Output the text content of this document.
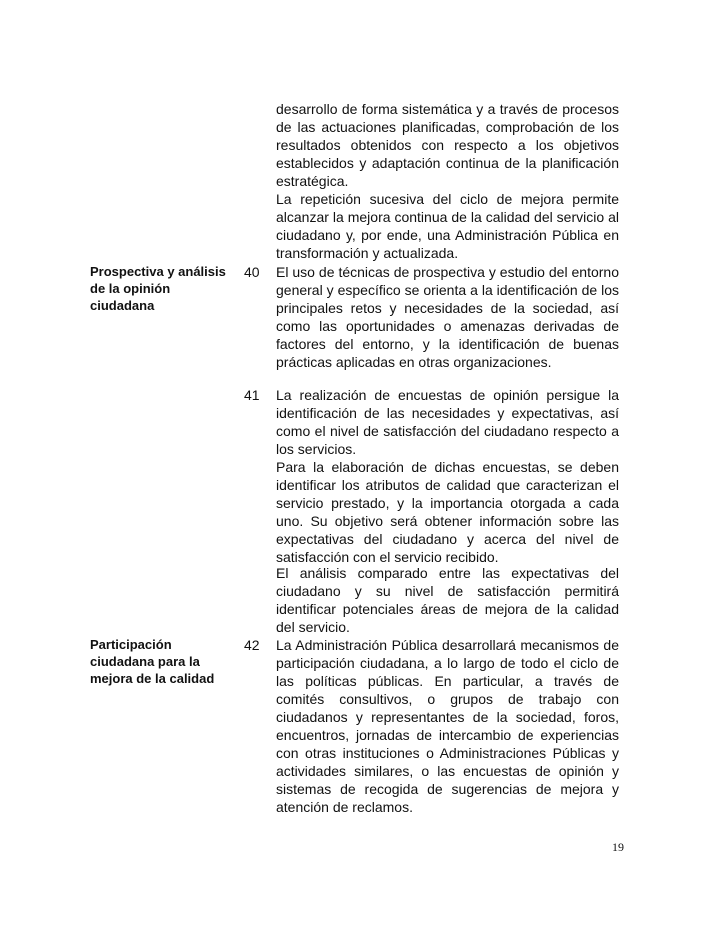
desarrollo de forma sistemática y a través de procesos de las actuaciones planificadas, comprobación de los resultados obtenidos con respecto a los objetivos establecidos y adaptación continua de la planificación estratégica.

La repetición sucesiva del ciclo de mejora permite alcanzar la mejora continua de la calidad del servicio al ciudadano y, por ende, una Administración Pública en transformación y actualizada.

Prospectiva y análisis de la opinión ciudadana
40	El uso de técnicas de prospectiva y estudio del entorno general y específico se orienta a la identificación de los principales retos y necesidades de la sociedad, así como las oportunidades o amenazas derivadas de factores del entorno, y la identificación de buenas prácticas aplicadas en otras organizaciones.

41	La realización de encuestas de opinión persigue la identificación de las necesidades y expectativas, así como el nivel de satisfacción del ciudadano respecto a los servicios.

Para la elaboración de dichas encuestas, se deben identificar los atributos de calidad que caracterizan el servicio prestado, y la importancia otorgada a cada uno. Su objetivo será obtener información sobre las expectativas del ciudadano y acerca del nivel de satisfacción con el servicio recibido.

El análisis comparado entre las expectativas del ciudadano y su nivel de satisfacción permitirá identificar potenciales áreas de mejora de la calidad del servicio.

Participación ciudadana para la mejora de la calidad
42	La Administración Pública desarrollará mecanismos de participación ciudadana, a lo largo de todo el ciclo de las políticas públicas. En particular, a través de comités consultivos, o grupos de trabajo con ciudadanos y representantes de la sociedad, foros, encuentros, jornadas de intercambio de experiencias con otras instituciones o Administraciones Públicas y actividades similares, o las encuestas de opinión y sistemas de recogida de sugerencias de mejora y atención de reclamos.

19
